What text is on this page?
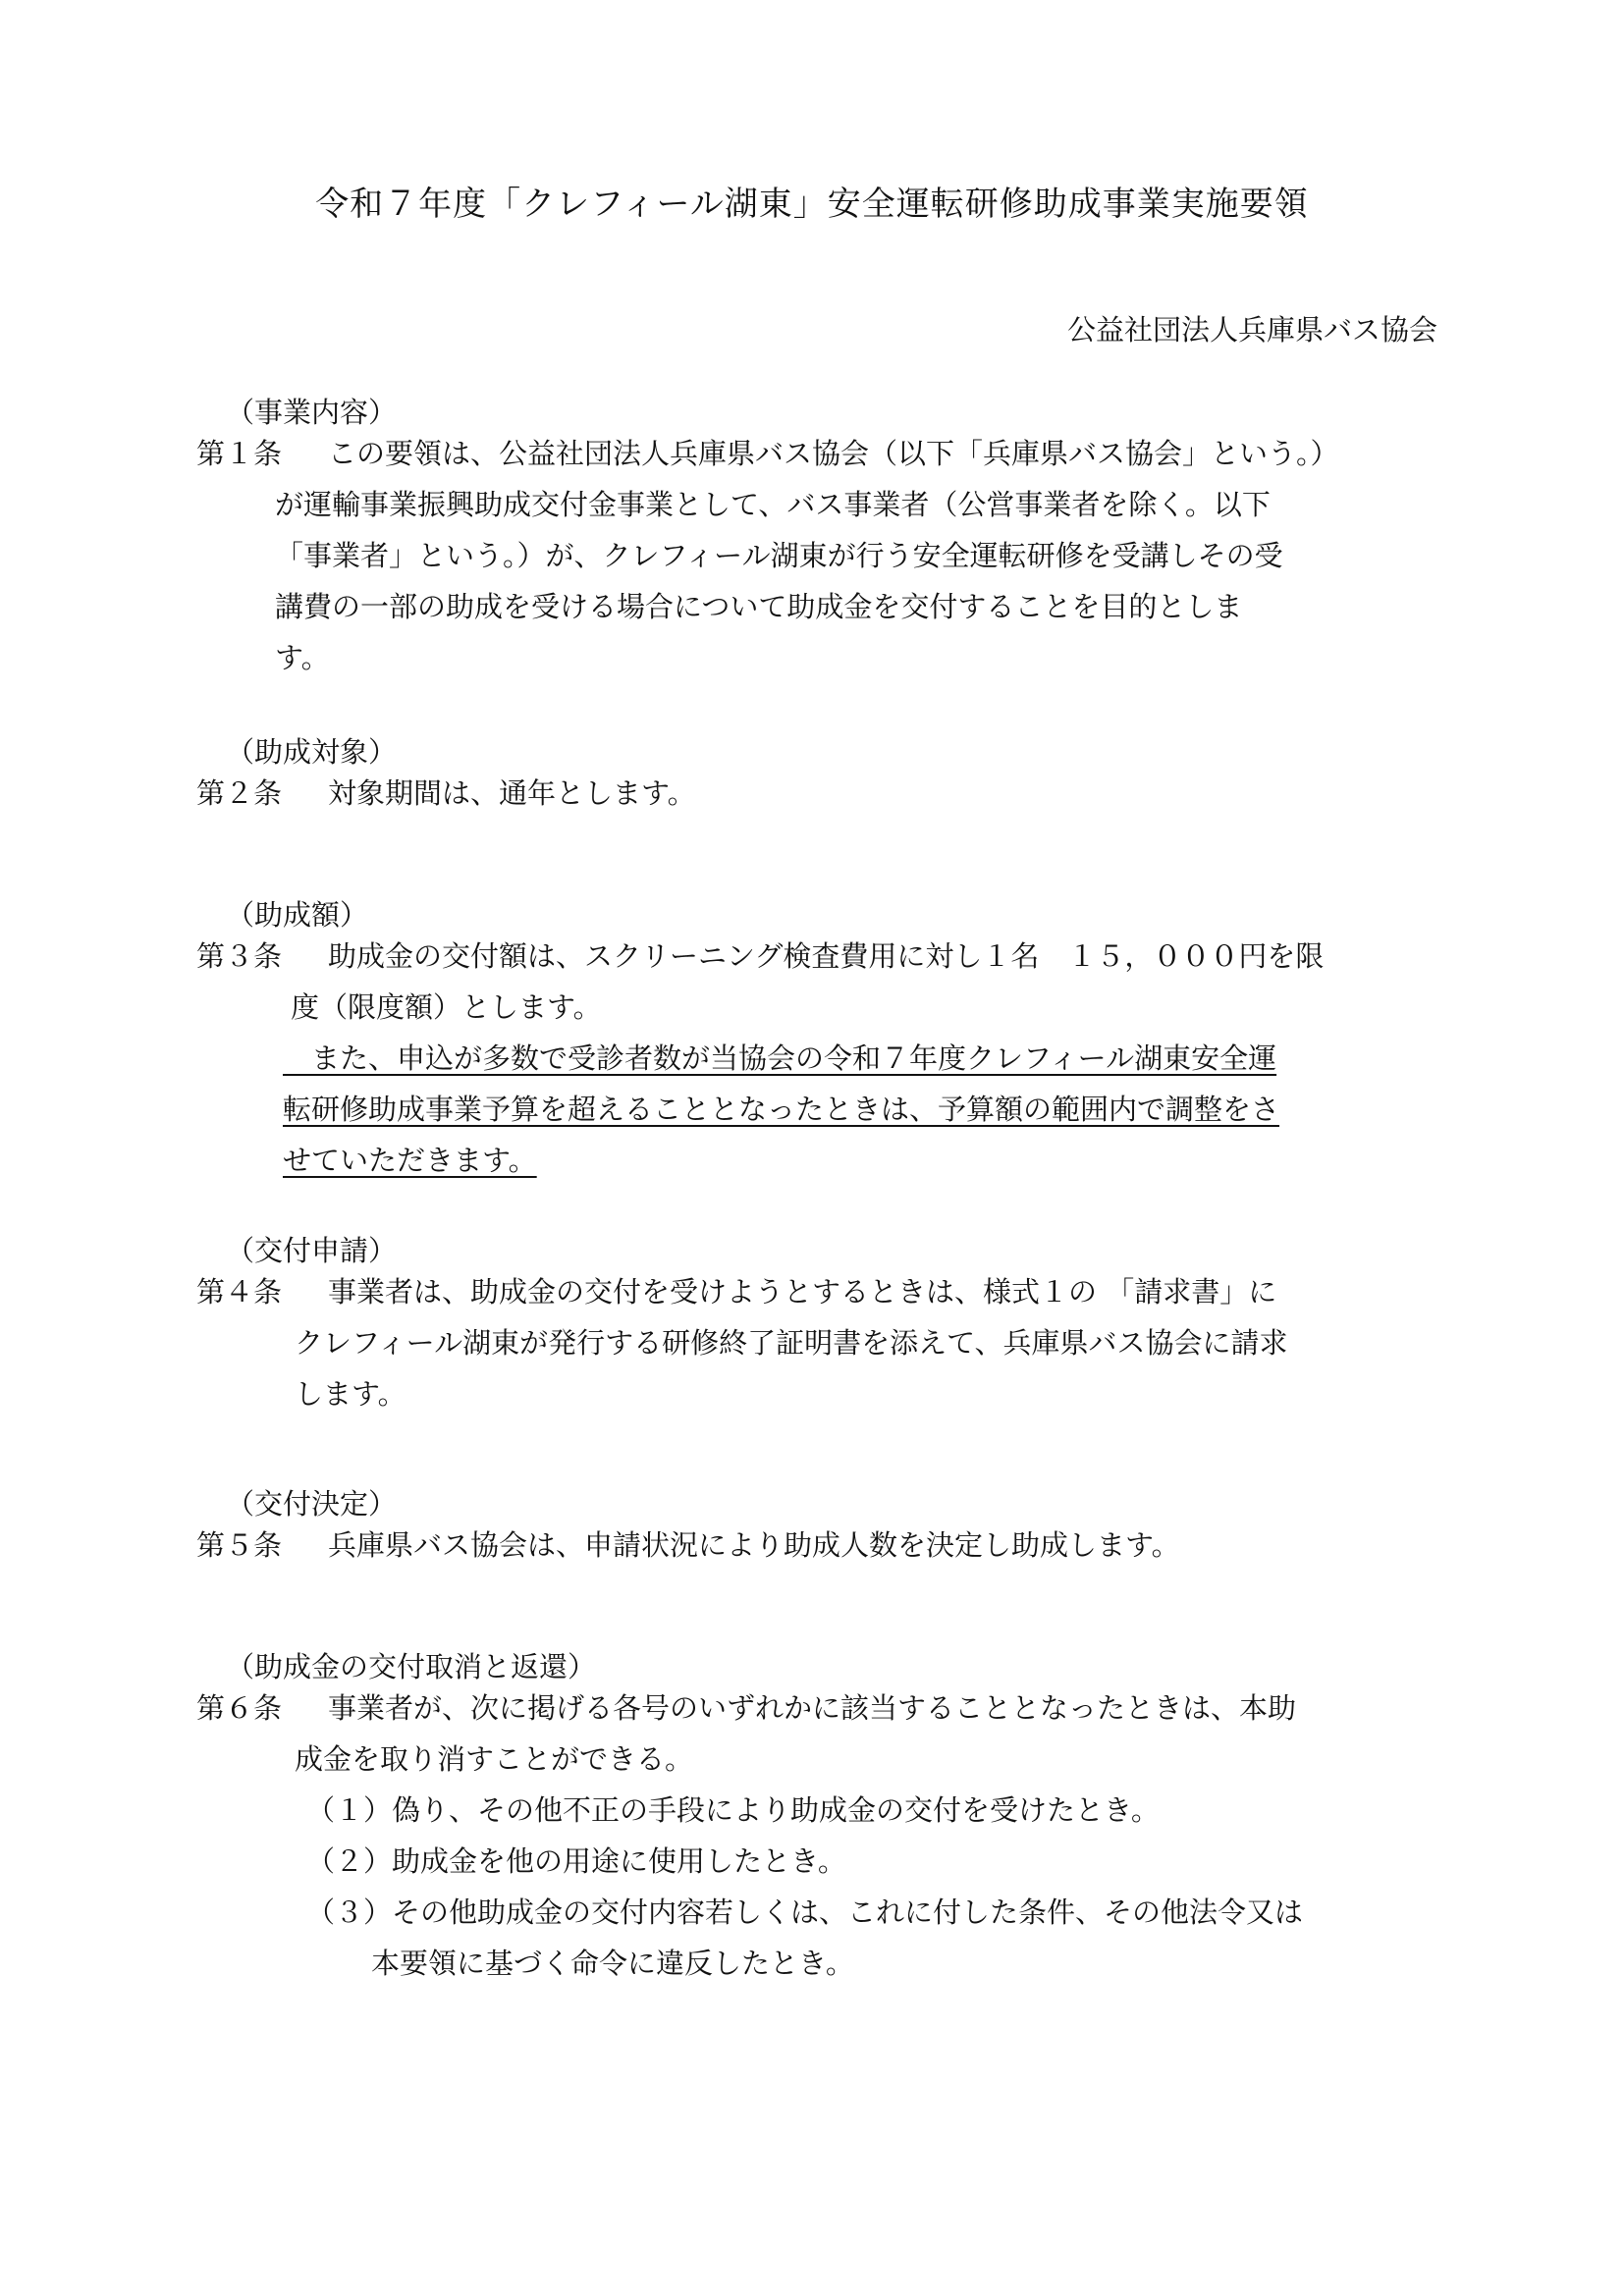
令和７年度「クレフィール湖東」安全運転研修助成事業実施要領
公益社団法人兵庫県バス協会
（事業内容）
第１条 この要領は、公益社団法人兵庫県バス協会（以下「兵庫県バス協会」という。）
が運輸事業振興助成交付金事業として、バス事業者（公営事業者を除く。以下
「事業者」という。）が、クレフィール湖東が行う安全運転研修を受講しその受
講費の一部の助成を受ける場合について助成金を交付することを目的としま
す。
（助成対象）
第２条 対象期間は、通年とします。
（助成額）
第３条 助成金の交付額は、スクリーニング検査費用に対し１名　１５，０００円を限
度（限度額）とします。
　また、申込が多数で受診者数が当協会の令和７年度クレフィール湖東安全運
転研修助成事業予算を超えることとなったときは、予算額の範囲内で調整をさ
せていただきます。
（交付申請）
第４条 事業者は、助成金の交付を受けようとするときは、様式１の 「請求書」に
クレフィール湖東が発行する研修終了証明書を添えて、兵庫県バス協会に請求
します。
（交付決定）
第５条 兵庫県バス協会は、申請状況により助成人数を決定し助成します。
（助成金の交付取消と返還）
第６条 事業者が、次に掲げる各号のいずれかに該当することとなったときは、本助
成金を取り消すことができる。
（１）偽り、その他不正の手段により助成金の交付を受けたとき。
（２）助成金を他の用途に使用したとき。
（３）その他助成金の交付内容若しくは、これに付した条件、その他法令又は
本要領に基づく命令に違反したとき。
